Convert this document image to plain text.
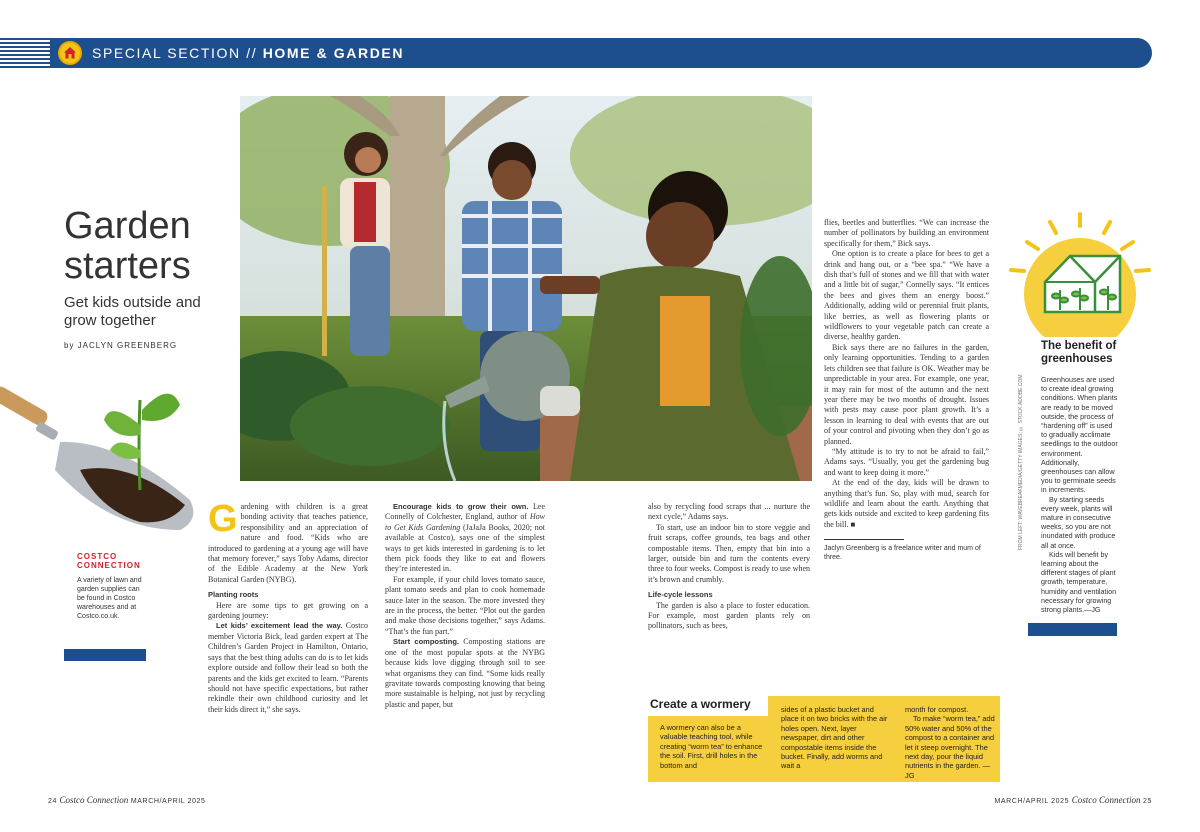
SPECIAL SECTION // HOME & GARDEN
Garden starters

Get kids outside and grow together

by JACLYN GREENBERG

FROM LEFT: WAVEBREAKMEDIA/GETTY IMAGES; © STOCK.ADOBE.COM

COSTCO CONNECTION

A variety of lawn and garden supplies can be found in Costco warehouses and at Costco.co.uk.

G ardening with children is a great bonding activity that teaches patience, responsibility and an appreciation of nature and food. “Kids who are introduced to gardening at a young age will have that memory forever,” says Toby Adams, director of the Edible Academy at the New York Botanical Garden (NYBG).

Planting roots

Here are some tips to get growing on a gardening journey:

Let kids’ excitement lead the way. Costco member Victoria Bick, lead garden expert at The Children’s Garden Project in Hamilton, Ontario, says that the best thing adults can do is to let kids explore outside and follow their lead so both the parents and the kids get excited to learn. “Parents should not have specific expectations, but rather rekindle their own childhood curiosity and let their kids direct it,” she says.

Encourage kids to grow their own. Lee Connelly of Colchester, England, author of How to Get Kids Gardening (JaJaJa Books, 2020; not available at Costco), says one of the simplest ways to get kids interested in gardening is to let them pick foods they like to eat and flowers they’re interested in.

For example, if your child loves tomato sauce, plant tomato seeds and plan to cook homemade sauce later in the season. The more invested they are in the process, the better. “Plot out the garden and make those decisions together,” says Adams. “That’s the fun part.”

Start composting. Composting stations are one of the most popular spots at the NYBG because kids love digging through soil to see what organisms they can find. “Some kids really gravitate towards composting knowing that being more sustainable is helping, not just by recycling plastic and paper, but

also by recycling food scraps that ... nurture the next cycle,” Adams says.

To start, use an indoor bin to store veggie and fruit scraps, coffee grounds, tea bags and other compostable items. Then, empty that bin into a larger, outside bin and turn the contents every three to four weeks. Compost is ready to use when it’s brown and crumbly.

Life-cycle lessons

The garden is also a place to foster education. For example, most garden plants rely on pollinators, such as bees,

flies, beetles and butterflies. “We can increase the number of pollinators by building an environment specifically for them,” Bick says.

One option is to create a place for bees to get a drink and hang out, or a “bee spa.” “We have a dish that’s full of stones and we fill that with water and a little bit of sugar,” Connelly says. “It entices the bees and gives them an energy boost.” Additionally, adding wild or perennial fruit plants, like berries, as well as flowering plants or wildflowers to your vegetable patch can create a diverse, healthy garden.

Bick says there are no failures in the garden, only learning opportunities. Tending to a garden lets children see that failure is OK. Weather may be unpredictable in your area. For example, one year, it may rain for most of the autumn and the next year there may be two months of drought. Issues with pests may cause poor plant growth. It’s a lesson in learning to deal with events that are out of your control and pivoting when they don’t go as planned.

“My attitude is to try to not be afraid to fail,” Adams says. “Usually, you get the gardening bug and want to keep doing it more.”

At the end of the day, kids will be drawn to anything that’s fun. So, play with mud, search for wildlife and learn about the earth. Anything that gets kids outside and excited to keep gardening fits the bill. ■

Jaclyn Greenberg is a freelance writer and mum of three.

The benefit of greenhouses

Greenhouses are used to create ideal growing conditions. When plants are ready to be moved outside, the process of “hardening off” is used to gradually acclimate seedlings to the outdoor environment. Additionally, greenhouses can allow you to germinate seeds in increments.

By starting seeds every week, plants will mature in consecutive weeks, so you are not inundated with produce all at once.

Kids will benefit by learning about the different stages of plant growth, temperature, humidity and ventilation necessary for growing strong plants.—JG

Create a wormery

A wormery can also be a valuable teaching tool, while creating “worm tea” to enhance the soil. First, drill holes in the bottom and

sides of a plastic bucket and place it on two bricks with the air holes open. Next, layer newspaper, dirt and other compostable items inside the bucket. Finally, add worms and wait a

month for compost.

To make “worm tea,” add 50% water and 50% of the compost to a container and let it steep overnight. The next day, pour the liquid nutrients in the garden. —JG

24 Costco Connection MARCH/APRIL 2025	MARCH/APRIL 2025 Costco Connection 25
